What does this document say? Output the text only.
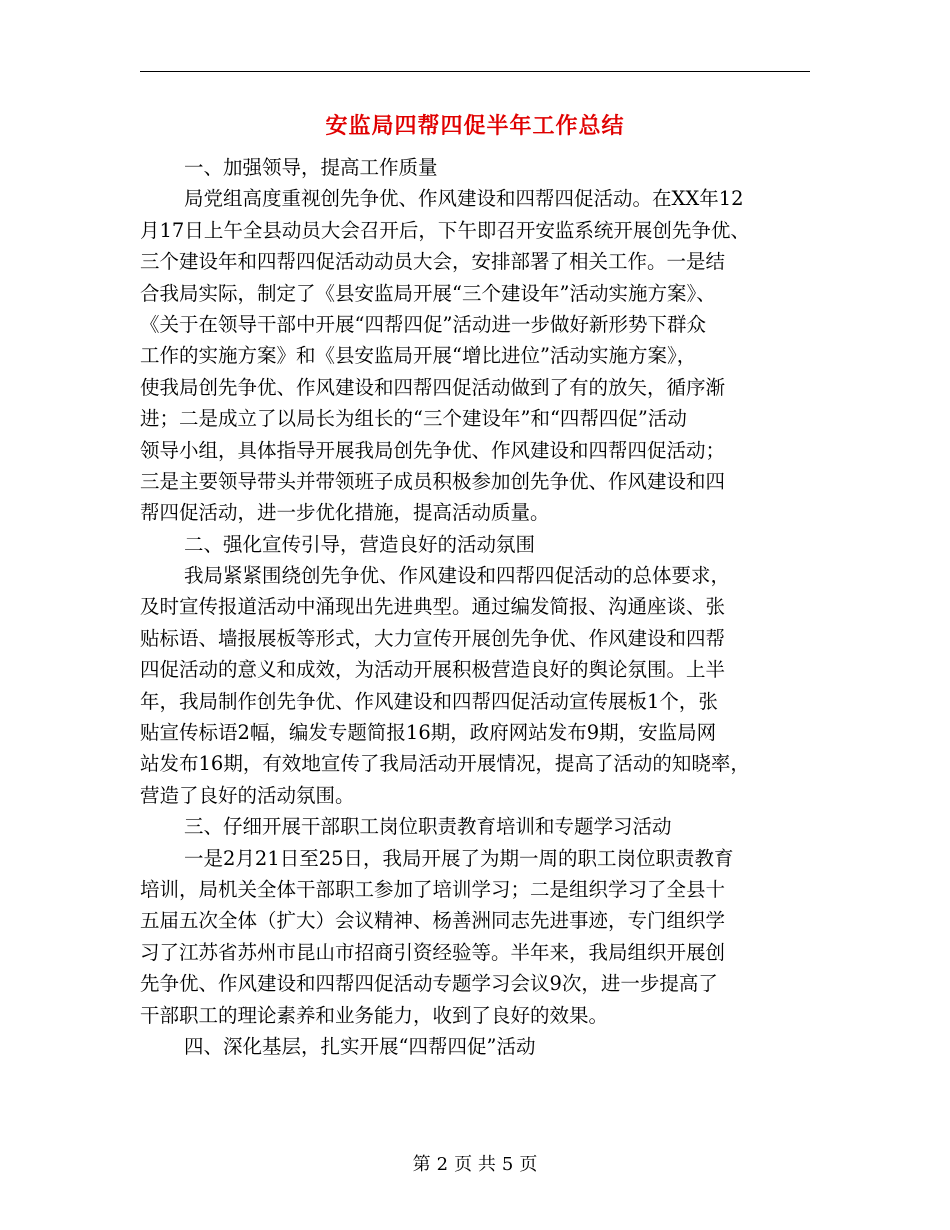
安监局四帮四促半年工作总结
一、加强领导，提高工作质量
局党组高度重视创先争优、作风建设和四帮四促活动。在XX年12
月17日上午全县动员大会召开后，下午即召开安监系统开展创先争优、
三个建设年和四帮四促活动动员大会，安排部署了相关工作。一是结
合我局实际，制定了《县安监局开展“三个建设年”活动实施方案》、
《关于在领导干部中开展“四帮四促”活动进一步做好新形势下群众
工作的实施方案》和《县安监局开展“增比进位”活动实施方案》，
使我局创先争优、作风建设和四帮四促活动做到了有的放矢，循序渐
进；二是成立了以局长为组长的“三个建设年”和“四帮四促”活动
领导小组，具体指导开展我局创先争优、作风建设和四帮四促活动；
三是主要领导带头并带领班子成员积极参加创先争优、作风建设和四
帮四促活动，进一步优化措施，提高活动质量。
二、强化宣传引导，营造良好的活动氛围
我局紧紧围绕创先争优、作风建设和四帮四促活动的总体要求，
及时宣传报道活动中涌现出先进典型。通过编发简报、沟通座谈、张
贴标语、墙报展板等形式，大力宣传开展创先争优、作风建设和四帮
四促活动的意义和成效，为活动开展积极营造良好的舆论氛围。上半
年，我局制作创先争优、作风建设和四帮四促活动宣传展板1个，张
贴宣传标语2幅，编发专题简报16期，政府网站发布9期，安监局网
站发布16期，有效地宣传了我局活动开展情况，提高了活动的知晓率，
营造了良好的活动氛围。
三、仔细开展干部职工岗位职责教育培训和专题学习活动
一是2月21日至25日，我局开展了为期一周的职工岗位职责教育
培训，局机关全体干部职工参加了培训学习；二是组织学习了全县十
五届五次全体（扩大）会议精神、杨善洲同志先进事迹，专门组织学
习了江苏省苏州市昆山市招商引资经验等。半年来，我局组织开展创
先争优、作风建设和四帮四促活动专题学习会议9次，进一步提高了
干部职工的理论素养和业务能力，收到了良好的效果。
四、深化基层，扎实开展“四帮四促”活动
第 2 页 共 5 页
